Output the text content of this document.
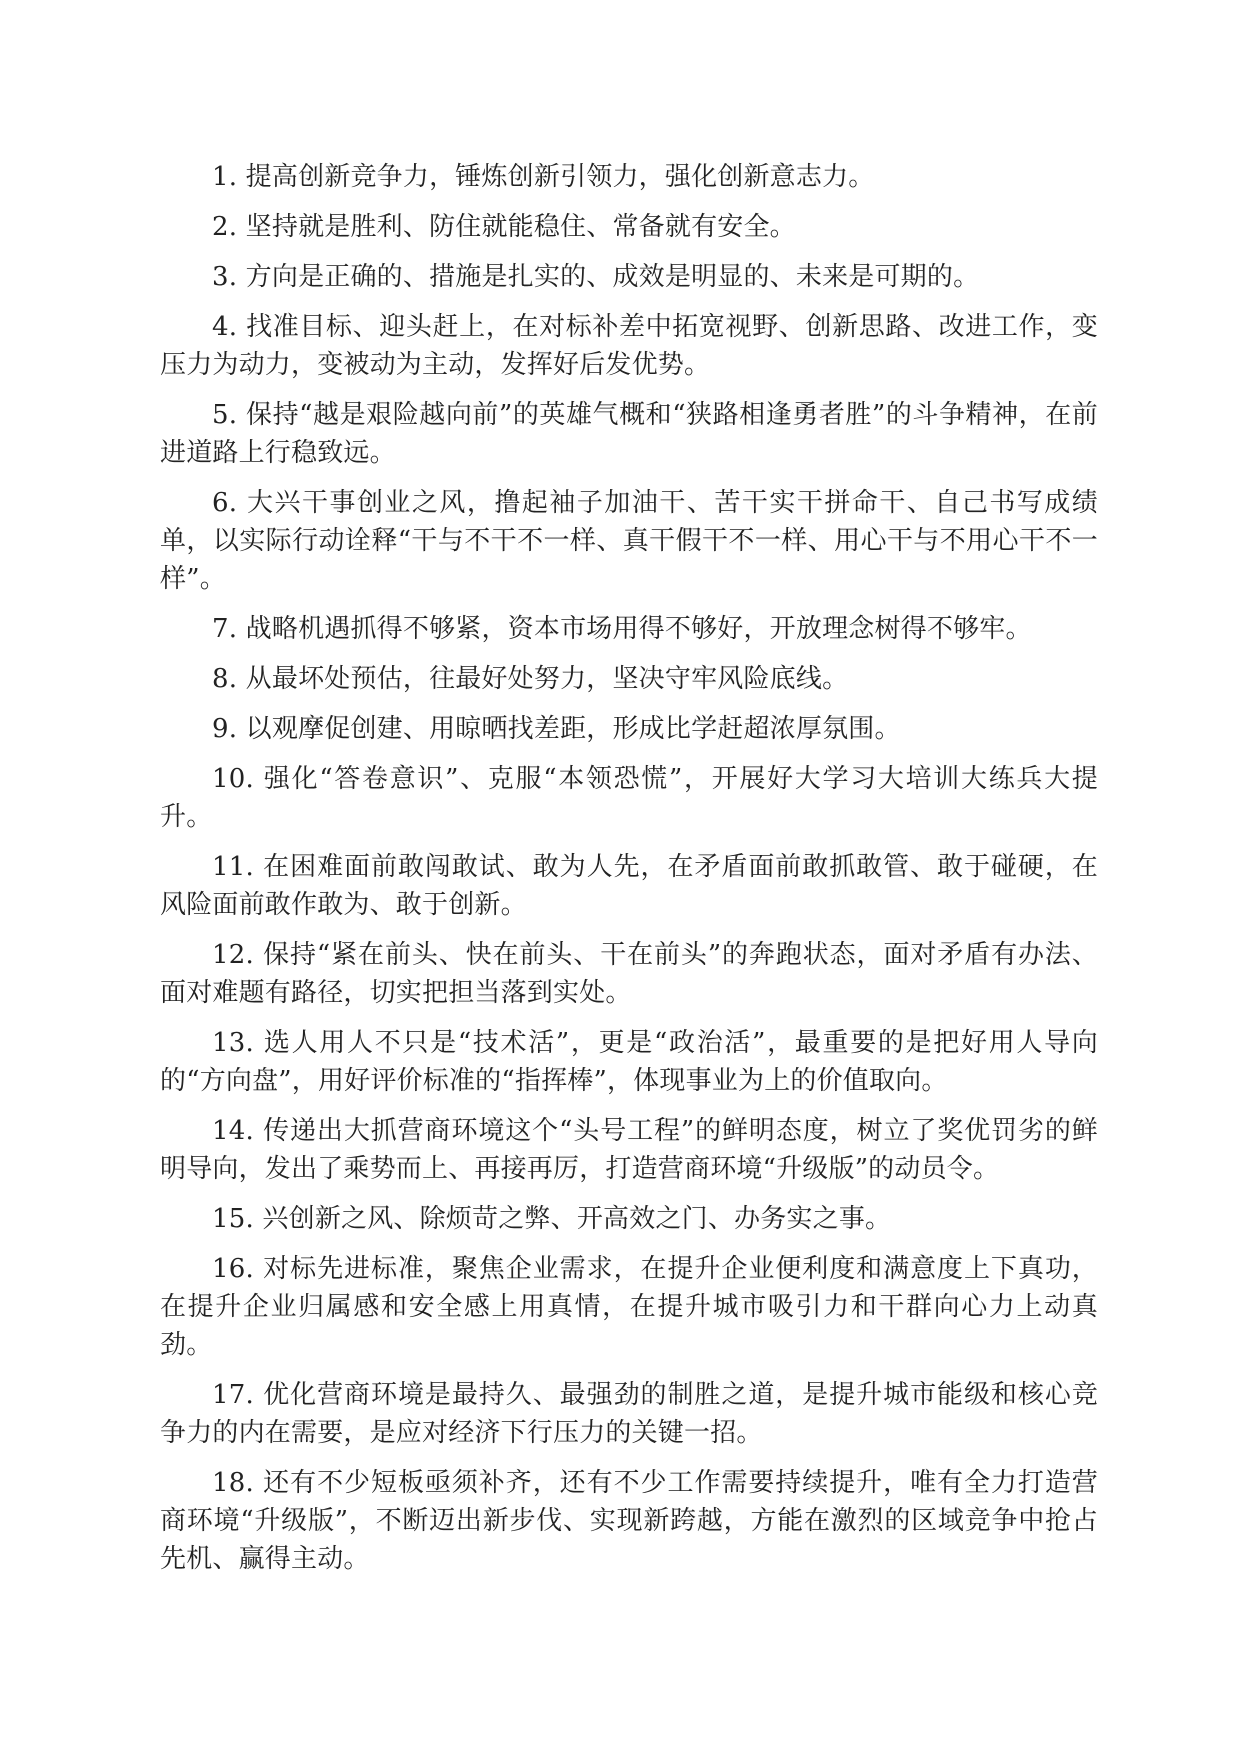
1. 提高创新竞争力，锤炼创新引领力，强化创新意志力。

2. 坚持就是胜利、防住就能稳住、常备就有安全。

3. 方向是正确的、措施是扎实的、成效是明显的、未来是可期的。

4. 找准目标、迎头赶上，在对标补差中拓宽视野、创新思路、改进工作，变压力为动力，变被动为主动，发挥好后发优势。

5. 保持“越是艰险越向前”的英雄气概和“狭路相逢勇者胜”的斗争精神，在前进道路上行稳致远。

6. 大兴干事创业之风，撸起袖子加油干、苦干实干拼命干、自己书写成绩单，以实际行动诠释“干与不干不一样、真干假干不一样、用心干与不用心干不一样”。

7. 战略机遇抓得不够紧，资本市场用得不够好，开放理念树得不够牢。

8. 从最坏处预估，往最好处努力，坚决守牢风险底线。

9. 以观摩促创建、用晾晒找差距，形成比学赶超浓厚氛围。

10. 强化“答卷意识”、克服“本领恐慌”，开展好大学习大培训大练兵大提升。

11. 在困难面前敢闯敢试、敢为人先，在矛盾面前敢抓敢管、敢于碰硬，在风险面前敢作敢为、敢于创新。

12. 保持“紧在前头、快在前头、干在前头”的奔跑状态，面对矛盾有办法、面对难题有路径，切实把担当落到实处。

13. 选人用人不只是“技术活”，更是“政治活”，最重要的是把好用人导向的“方向盘”，用好评价标准的“指挥棒”，体现事业为上的价值取向。

14. 传递出大抓营商环境这个“头号工程”的鲜明态度，树立了奖优罚劣的鲜明导向，发出了乘势而上、再接再厉，打造营商环境“升级版”的动员令。

15. 兴创新之风、除烦苛之弊、开高效之门、办务实之事。

16. 对标先进标准，聚焦企业需求，在提升企业便利度和满意度上下真功，在提升企业归属感和安全感上用真情，在提升城市吸引力和干群向心力上动真劲。

17. 优化营商环境是最持久、最强劲的制胜之道，是提升城市能级和核心竞争力的内在需要，是应对经济下行压力的关键一招。

18. 还有不少短板亟须补齐，还有不少工作需要持续提升，唯有全力打造营商环境“升级版”，不断迈出新步伐、实现新跨越，方能在激烈的区域竞争中抢占先机、赢得主动。
